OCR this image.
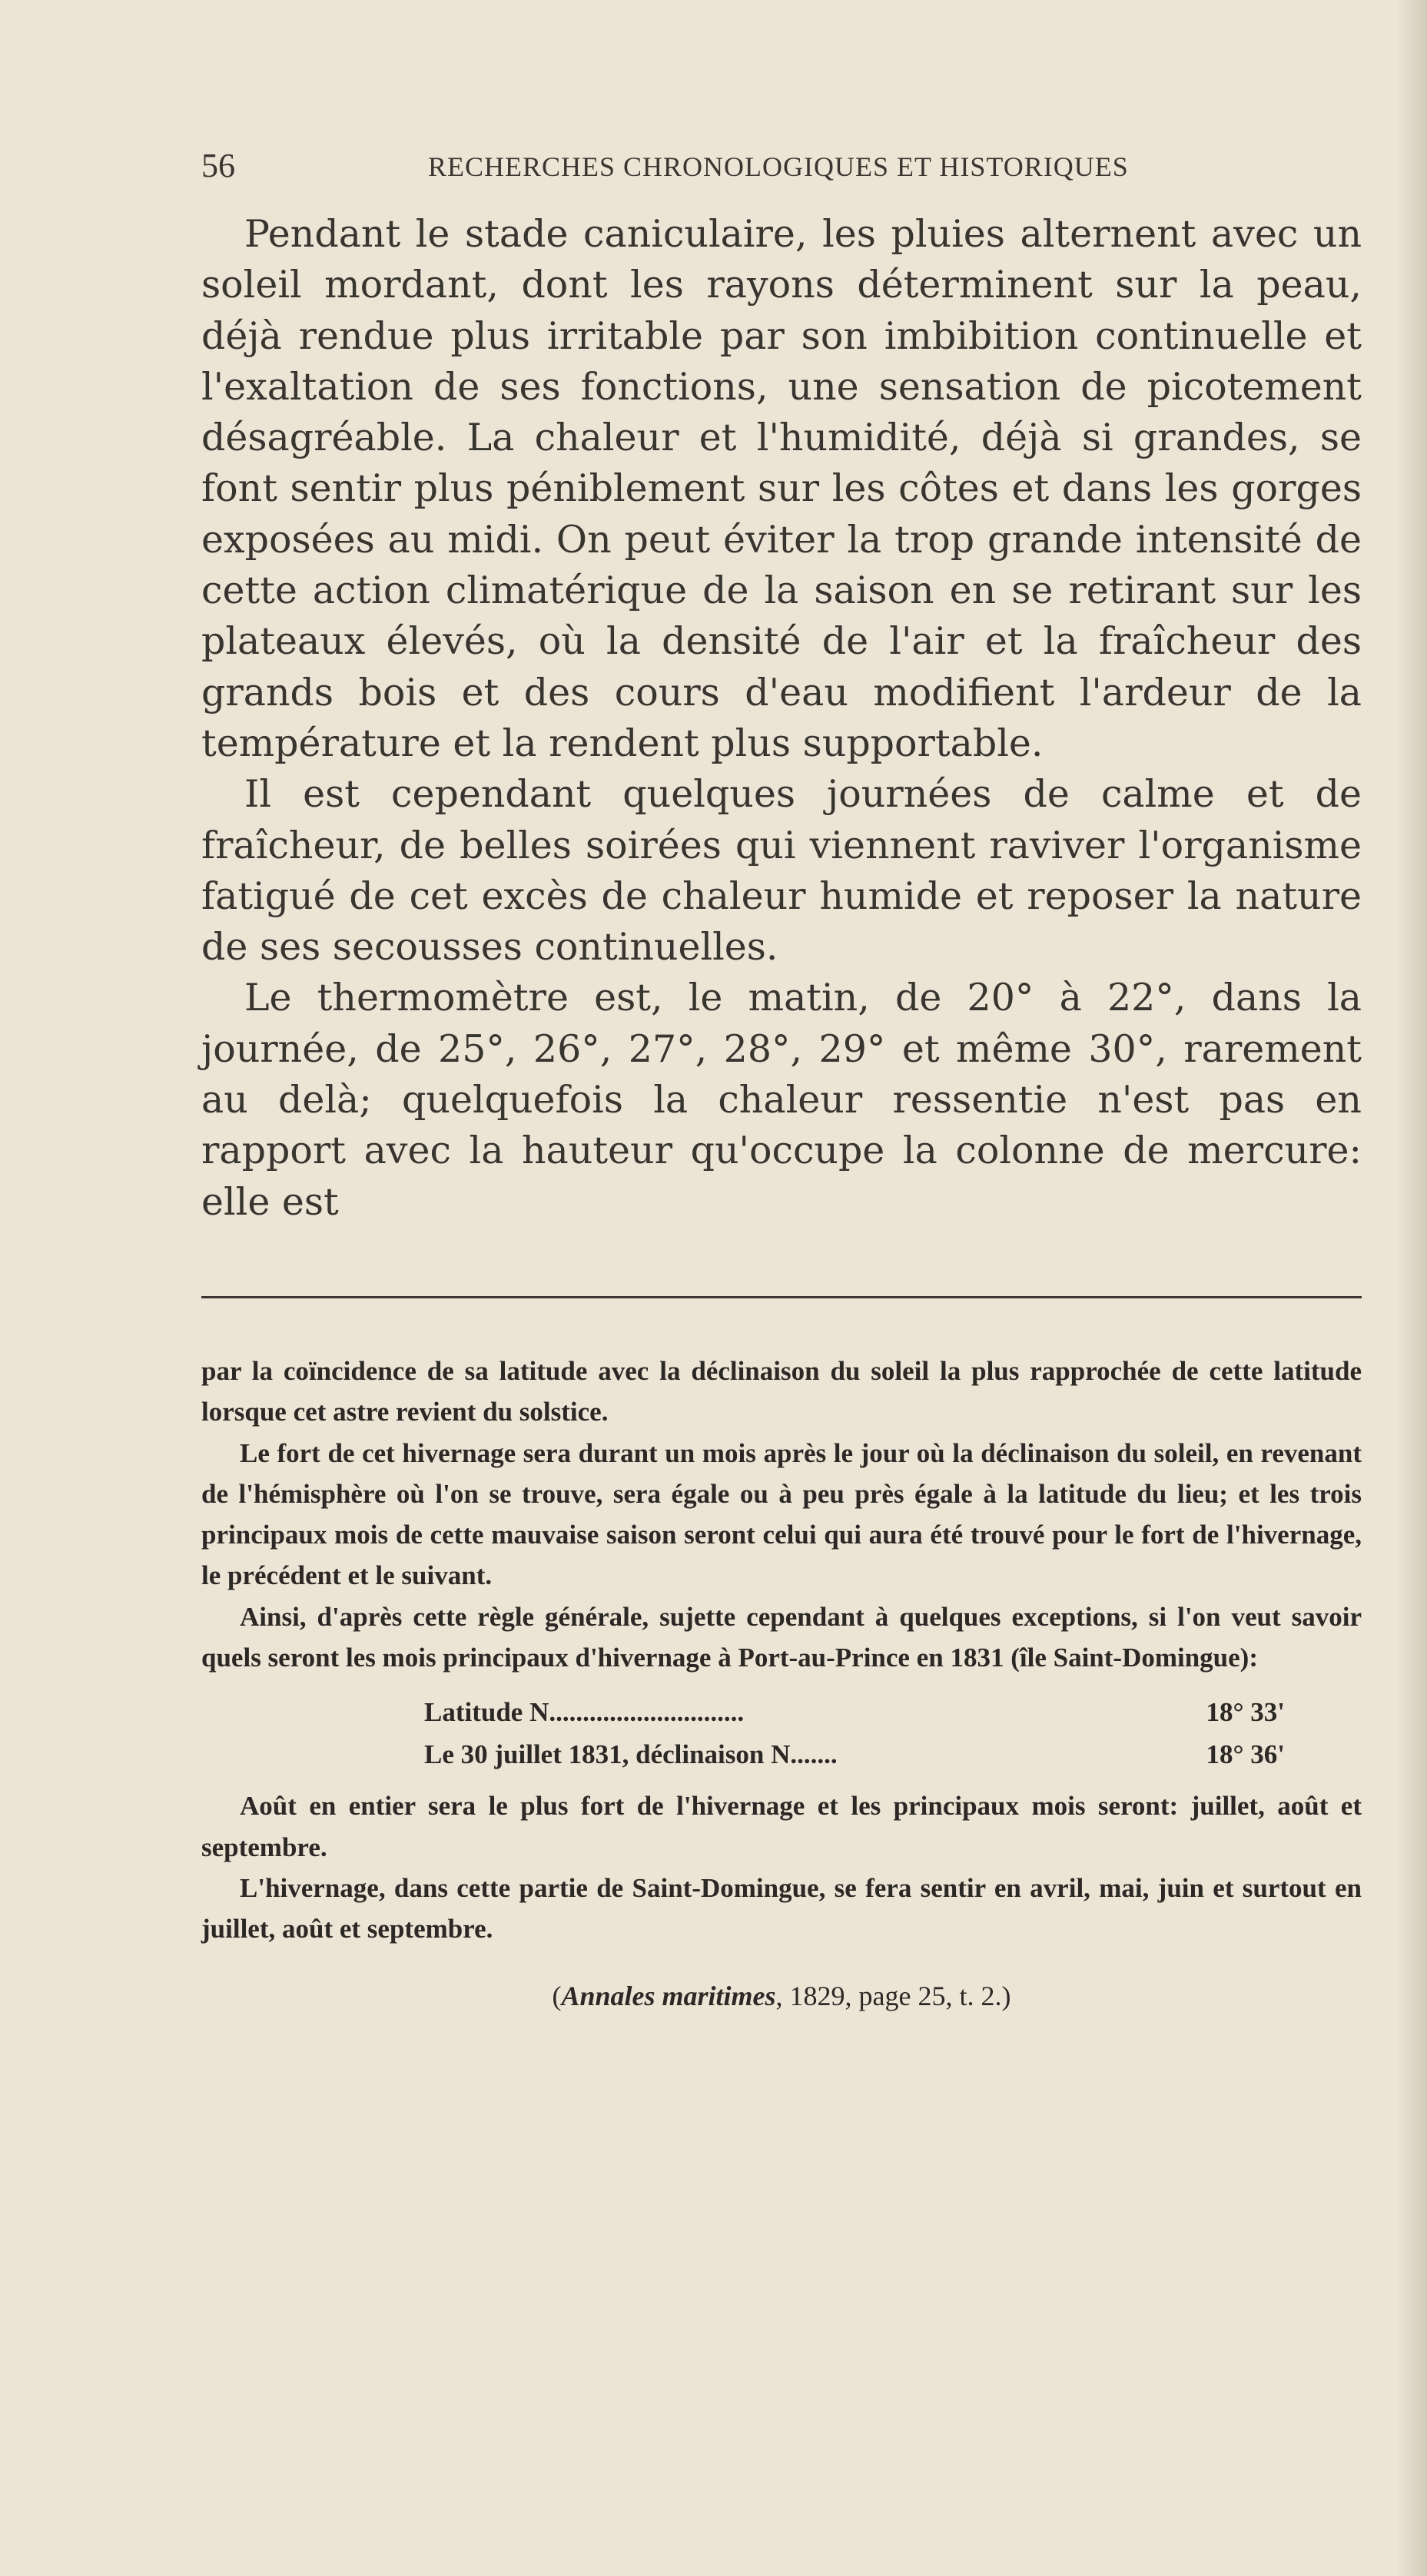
56	RECHERCHES CHRONOLOGIQUES ET HISTORIQUES

Pendant le stade caniculaire, les pluies alternent avec un soleil mordant, dont les rayons déterminent sur la peau, déjà rendue plus irritable par son imbibition continuelle et l'exaltation de ses fonctions, une sensation de picotement désagréable. La chaleur et l'humidité, déjà si grandes, se font sentir plus péniblement sur les côtes et dans les gorges exposées au midi. On peut éviter la trop grande intensité de cette action climatérique de la saison en se retirant sur les plateaux élevés, où la densité de l'air et la fraîcheur des grands bois et des cours d'eau modifient l'ardeur de la température et la rendent plus supportable.

Il est cependant quelques journées de calme et de fraîcheur, de belles soirées qui viennent raviver l'organisme fatigué de cet excès de chaleur humide et reposer la nature de ses secousses continuelles.

Le thermomètre est, le matin, de 20° à 22°, dans la journée, de 25°, 26°, 27°, 28°, 29° et même 30°, rarement au delà; quelquefois la chaleur ressentie n'est pas en rapport avec la hauteur qu'occupe la colonne de mercure: elle est

par la coïncidence de sa latitude avec la déclinaison du soleil la plus rapprochée de cette latitude lorsque cet astre revient du solstice.

Le fort de cet hivernage sera durant un mois après le jour où la déclinaison du soleil, en revenant de l'hémisphère où l'on se trouve, sera égale ou à peu près égale à la latitude du lieu; et les trois principaux mois de cette mauvaise saison seront celui qui aura été trouvé pour le fort de l'hivernage, le précédent et le suivant.

Ainsi, d'après cette règle générale, sujette cependant à quelques exceptions, si l'on veut savoir quels seront les mois principaux d'hivernage à Port-au-Prince en 1831 (île Saint-Domingue):

Latitude N.............................	18° 33'
Le 30 juillet 1831, déclinaison N.......	18° 36'

Août en entier sera le plus fort de l'hivernage et les principaux mois seront: juillet, août et septembre.

L'hivernage, dans cette partie de Saint-Domingue, se fera sentir en avril, mai, juin et surtout en juillet, août et septembre.

(Annales maritimes, 1829, page 25, t. 2.)
